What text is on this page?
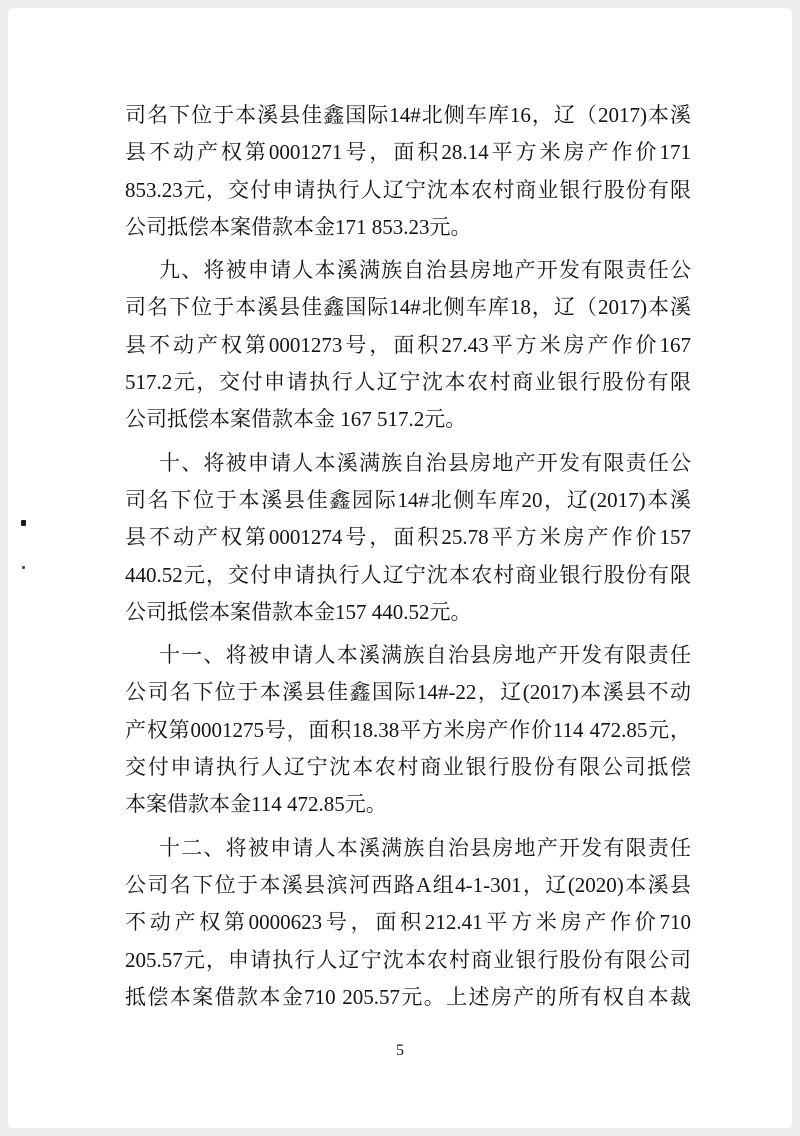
司名下位于本溪县佳鑫国际14#北侧车库16，辽（2017)本溪
县不动产权第0001271号，面积28.14平方米房产作价171
853.23元，交付申请执行人辽宁沈本农村商业银行股份有限
公司抵偿本案借款本金171 853.23元。
九、将被申请人本溪满族自治县房地产开发有限责任公
司名下位于本溪县佳鑫国际14#北侧车库18，辽（2017)本溪
县不动产权第0001273号，面积27.43平方米房产作价167
517.2元，交付申请执行人辽宁沈本农村商业银行股份有限
公司抵偿本案借款本金 167 517.2元。
十、将被申请人本溪满族自治县房地产开发有限责任公
司名下位于本溪县佳鑫园际14#北侧车库20，辽(2017)本溪
县不动产权第0001274号，面积25.78平方米房产作价157
440.52元，交付申请执行人辽宁沈本农村商业银行股份有限
公司抵偿本案借款本金157 440.52元。
十一、将被申请人本溪满族自治县房地产开发有限责任
公司名下位于本溪县佳鑫国际14#-22，辽(2017)本溪县不动
产权第0001275号，面积18.38平方米房产作价114 472.85元，
交付申请执行人辽宁沈本农村商业银行股份有限公司抵偿
本案借款本金114 472.85元。
十二、将被申请人本溪满族自治县房地产开发有限责任
公司名下位于本溪县滨河西路A组4-1-301，辽(2020)本溪县
不动产权第0000623号，面积212.41平方米房产作价710
205.57元，申请执行人辽宁沈本农村商业银行股份有限公司
抵偿本案借款本金710 205.57元。上述房产的所有权自本裁
5
